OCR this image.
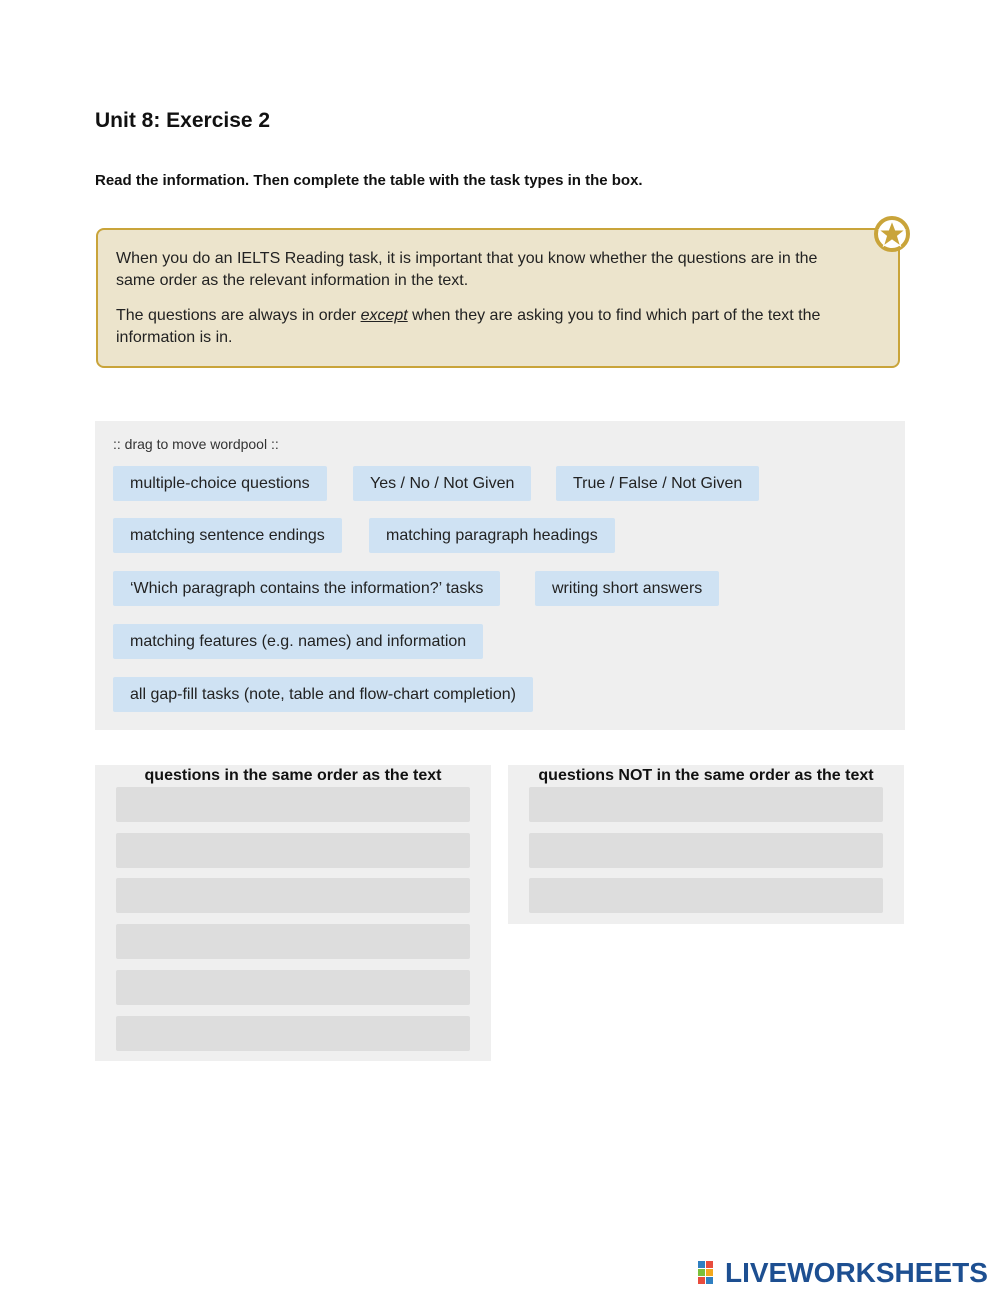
Unit 8: Exercise 2
Read the information. Then complete the table with the task types in the box.

When you do an IELTS Reading task, it is important that you know whether the questions are in the same order as the relevant information in the text.

The questions are always in order except when they are asking you to find which part of the text the information is in.

:: drag to move wordpool ::
multiple-choice questions	Yes / No / Not Given	True / False / Not Given
matching sentence endings	matching paragraph headings
‘Which paragraph contains the information?’ tasks	writing short answers
matching features (e.g. names) and information
all gap-fill tasks (note, table and flow-chart completion)
questions in the same order as the text	questions NOT in the same order as the text
LIVEWORKSHEETS
